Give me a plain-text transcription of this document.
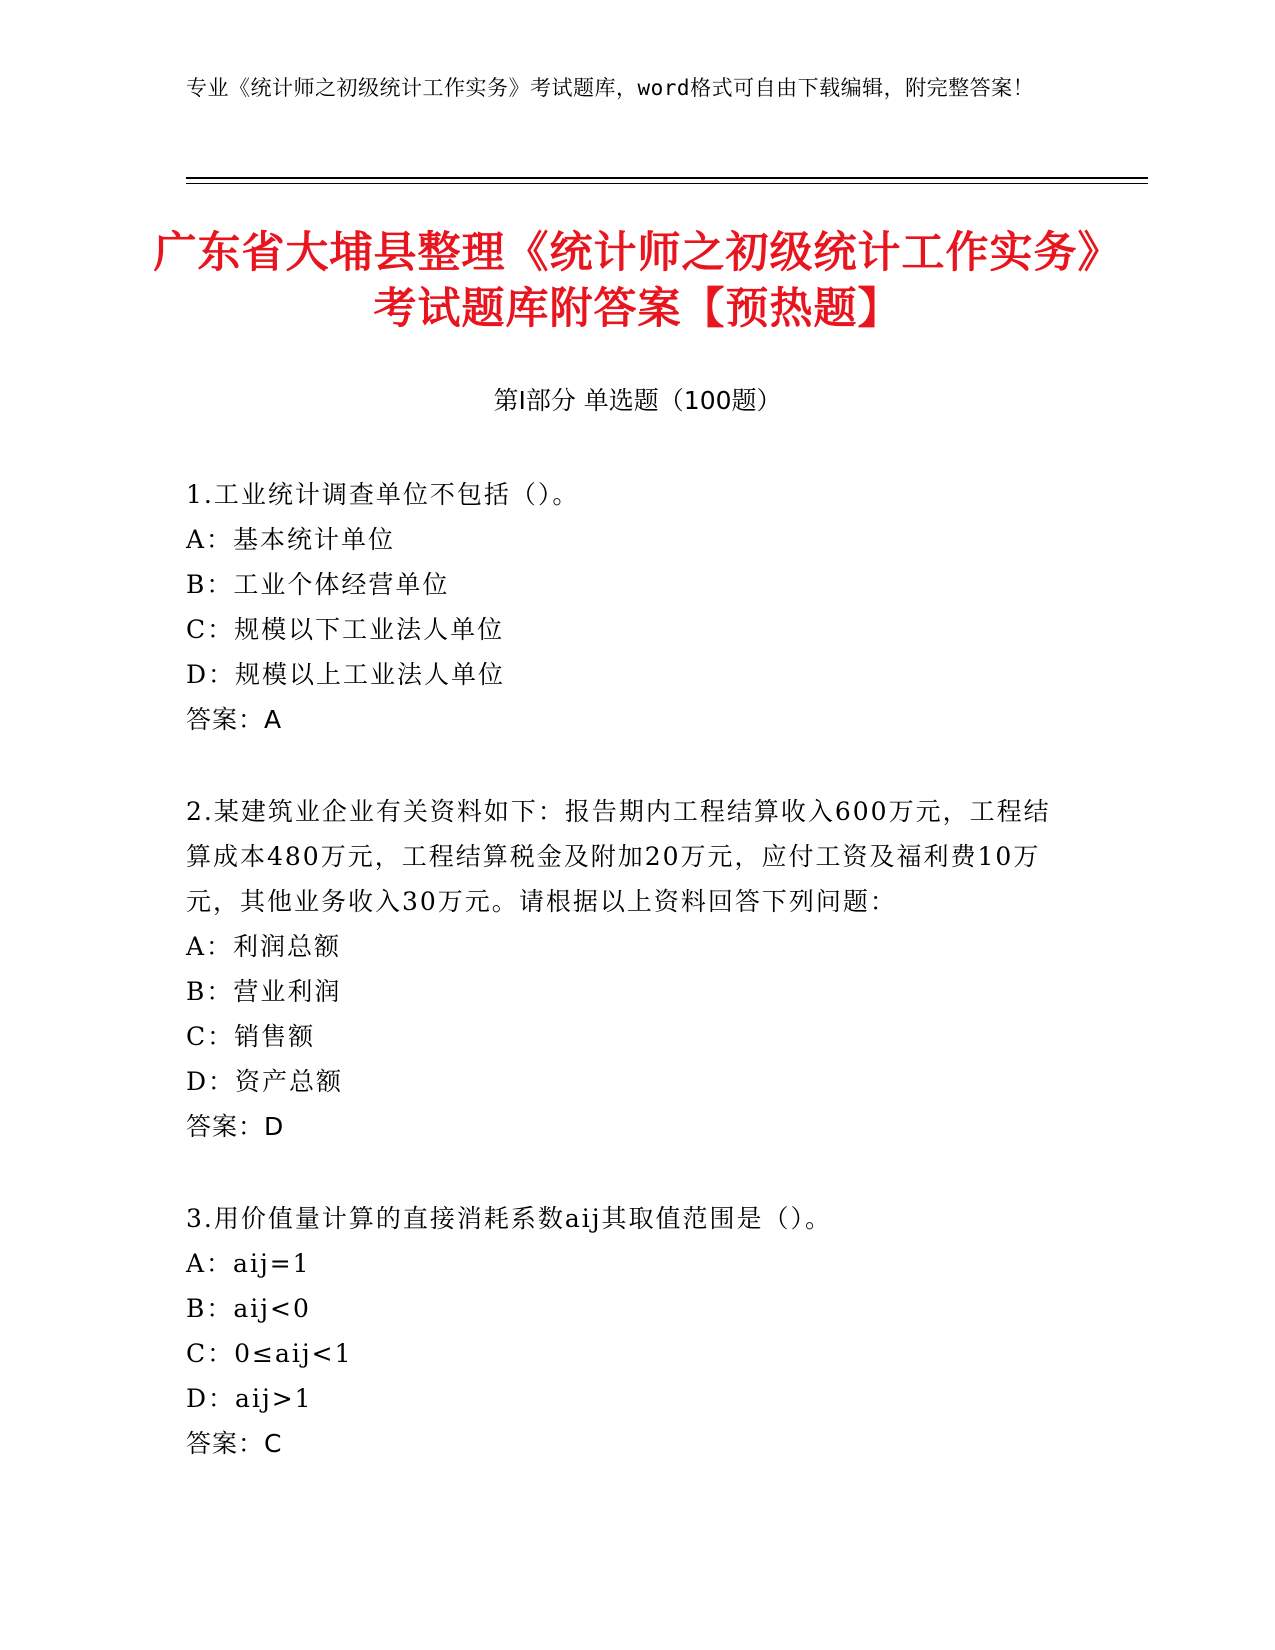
专业《统计师之初级统计工作实务》考试题库，word格式可自由下载编辑，附完整答案！
广东省大埔县整理《统计师之初级统计工作实务》考试题库附答案【预热题】
第Ⅰ部分 单选题（100题）

1.工业统计调查单位不包括（）。

A：基本统计单位

B：工业个体经营单位

C：规模以下工业法人单位

D：规模以上工业法人单位

答案：A

2.某建筑业企业有关资料如下：报告期内工程结算收入600万元，工程结算成本480万元，工程结算税金及附加20万元，应付工资及福利费10万元，其他业务收入30万元。请根据以上资料回答下列问题：

A：利润总额

B：营业利润

C：销售额

D：资产总额

答案：D

3.用价值量计算的直接消耗系数aij其取值范围是（）。

A：aij=1

B：aij<0

C：0≤aij<1

D：aij>1

答案：C
